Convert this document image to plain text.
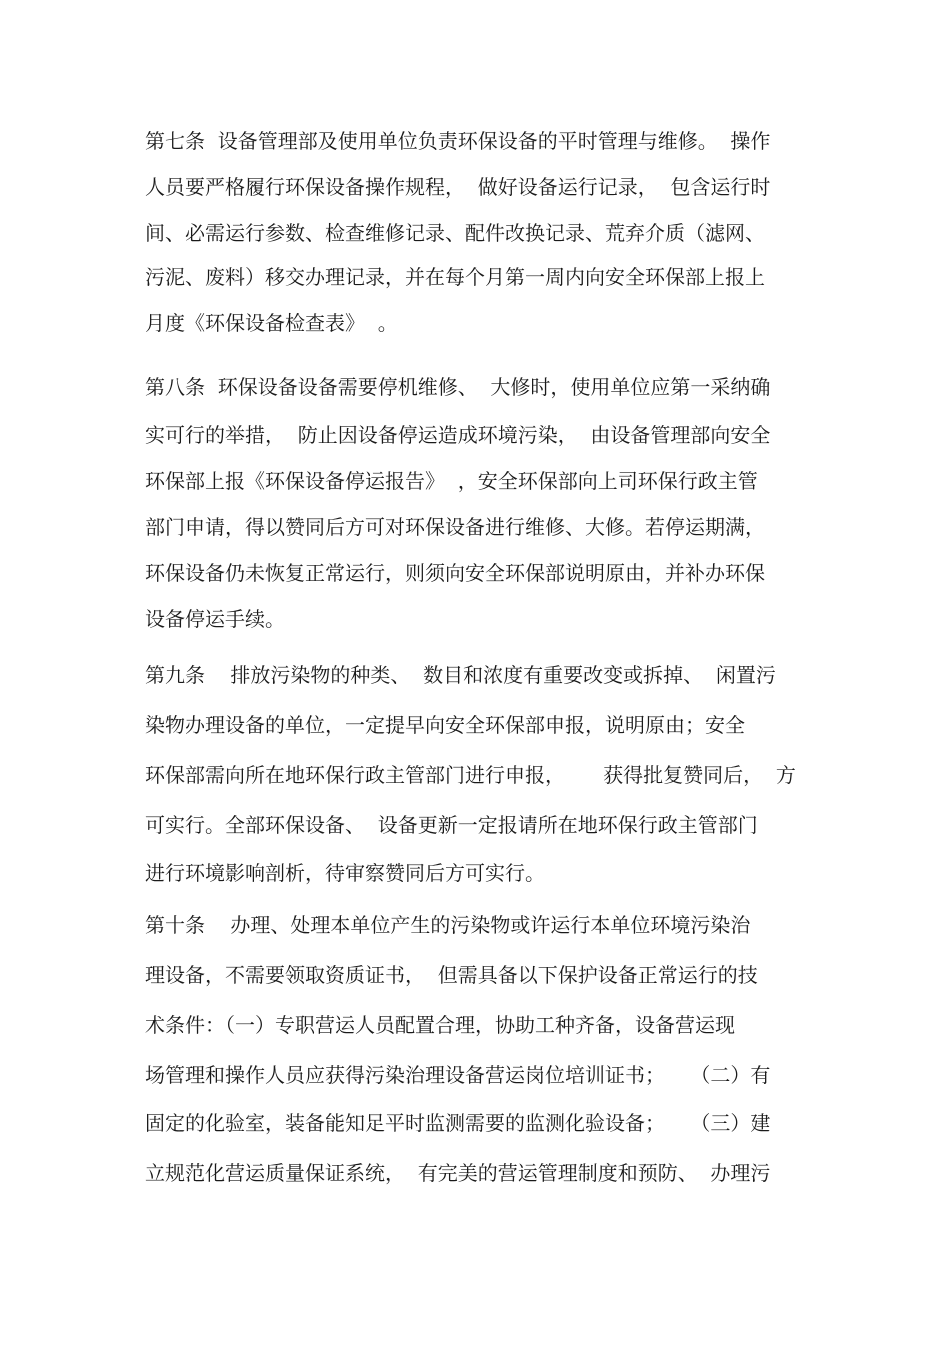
第七条  设备管理部及使用单位负责环保设备的平时管理与维修。  操作
人员要严格履行环保设备操作规程，  做好设备运行记录，  包含运行时
间、必需运行参数、检查维修记录、配件改换记录、荒弃介质（滤网、
污泥、废料）移交办理记录，并在每个月第一周内向安全环保部上报上
月度《环保设备检查表》  。
第八条  环保设备设备需要停机维修、  大修时，使用单位应第一采纳确
实可行的举措，  防止因设备停运造成环境污染，  由设备管理部向安全
环保部上报《环保设备停运报告》  ，安全环保部向上司环保行政主管
部门申请，得以赞同后方可对环保设备进行维修、大修。若停运期满，
环保设备仍未恢复正常运行，则须向安全环保部说明原由，并补办环保
设备停运手续。
第九条    排放污染物的种类、  数目和浓度有重要改变或拆掉、  闲置污
染物办理设备的单位，一定提早向安全环保部申报，说明原由；安全
环保部需向所在地环保行政主管部门进行申报，      获得批复赞同后，  方
可实行。全部环保设备、  设备更新一定报请所在地环保行政主管部门
进行环境影响剖析，待审察赞同后方可实行。
第十条    办理、处理本单位产生的污染物或许运行本单位环境污染治
理设备，不需要领取资质证书，  但需具备以下保护设备正常运行的技
术条件：（一）专职营运人员配置合理，协助工种齐备，设备营运现
场管理和操作人员应获得污染治理设备营运岗位培训证书；    （二）有
固定的化验室，装备能知足平时监测需要的监测化验设备；    （三）建
立规范化营运质量保证系统，  有完美的营运管理制度和预防、  办理污
